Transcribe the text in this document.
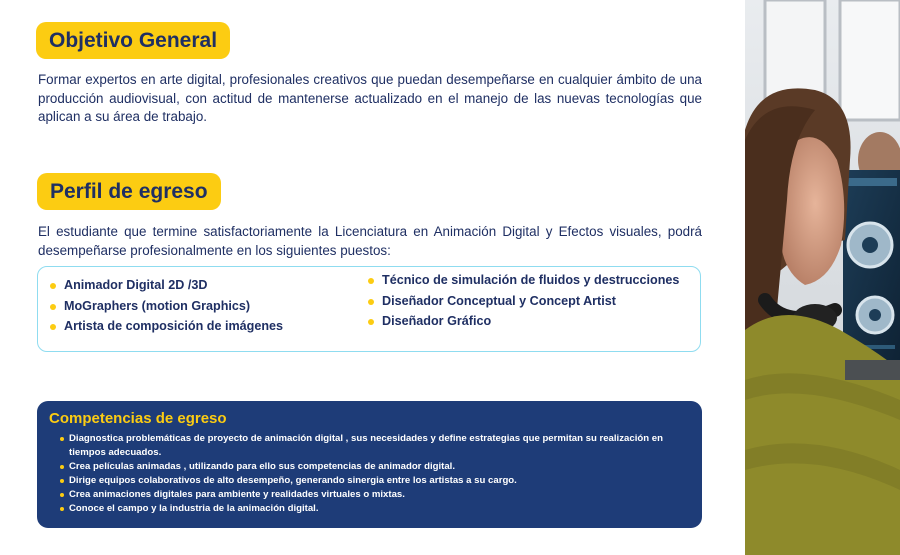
Objetivo General
Formar expertos en arte digital, profesionales creativos que puedan desempeñarse en cualquier ámbito de una producción audiovisual, con actitud de mantenerse actualizado en el manejo de las nuevas tecnologías que aplican a su área de trabajo.
Perfil de egreso
El estudiante que termine satisfactoriamente la Licenciatura en Animación Digital y Efectos visuales, podrá desempeñarse profesionalmente en los siguientes puestos:
Animador Digital 2D /3D
MoGraphers (motion Graphics)
Artista de composición de imágenes
Técnico de simulación de fluidos y destrucciones
Diseñador Conceptual y Concept Artist
Diseñador Gráfico
Competencias de egreso
Diagnostica problemáticas de proyecto de animación digital , sus necesidades y define estrategias que permitan su realización en tiempos adecuados.
Crea películas animadas , utilizando para ello sus competencias de animador digital.
Dirige equipos colaborativos de alto desempeño, generando sinergia entre los artistas a su cargo.
Crea animaciones digitales para ambiente y realidades virtuales o mixtas.
Conoce el campo y la industria de la animación digital.
